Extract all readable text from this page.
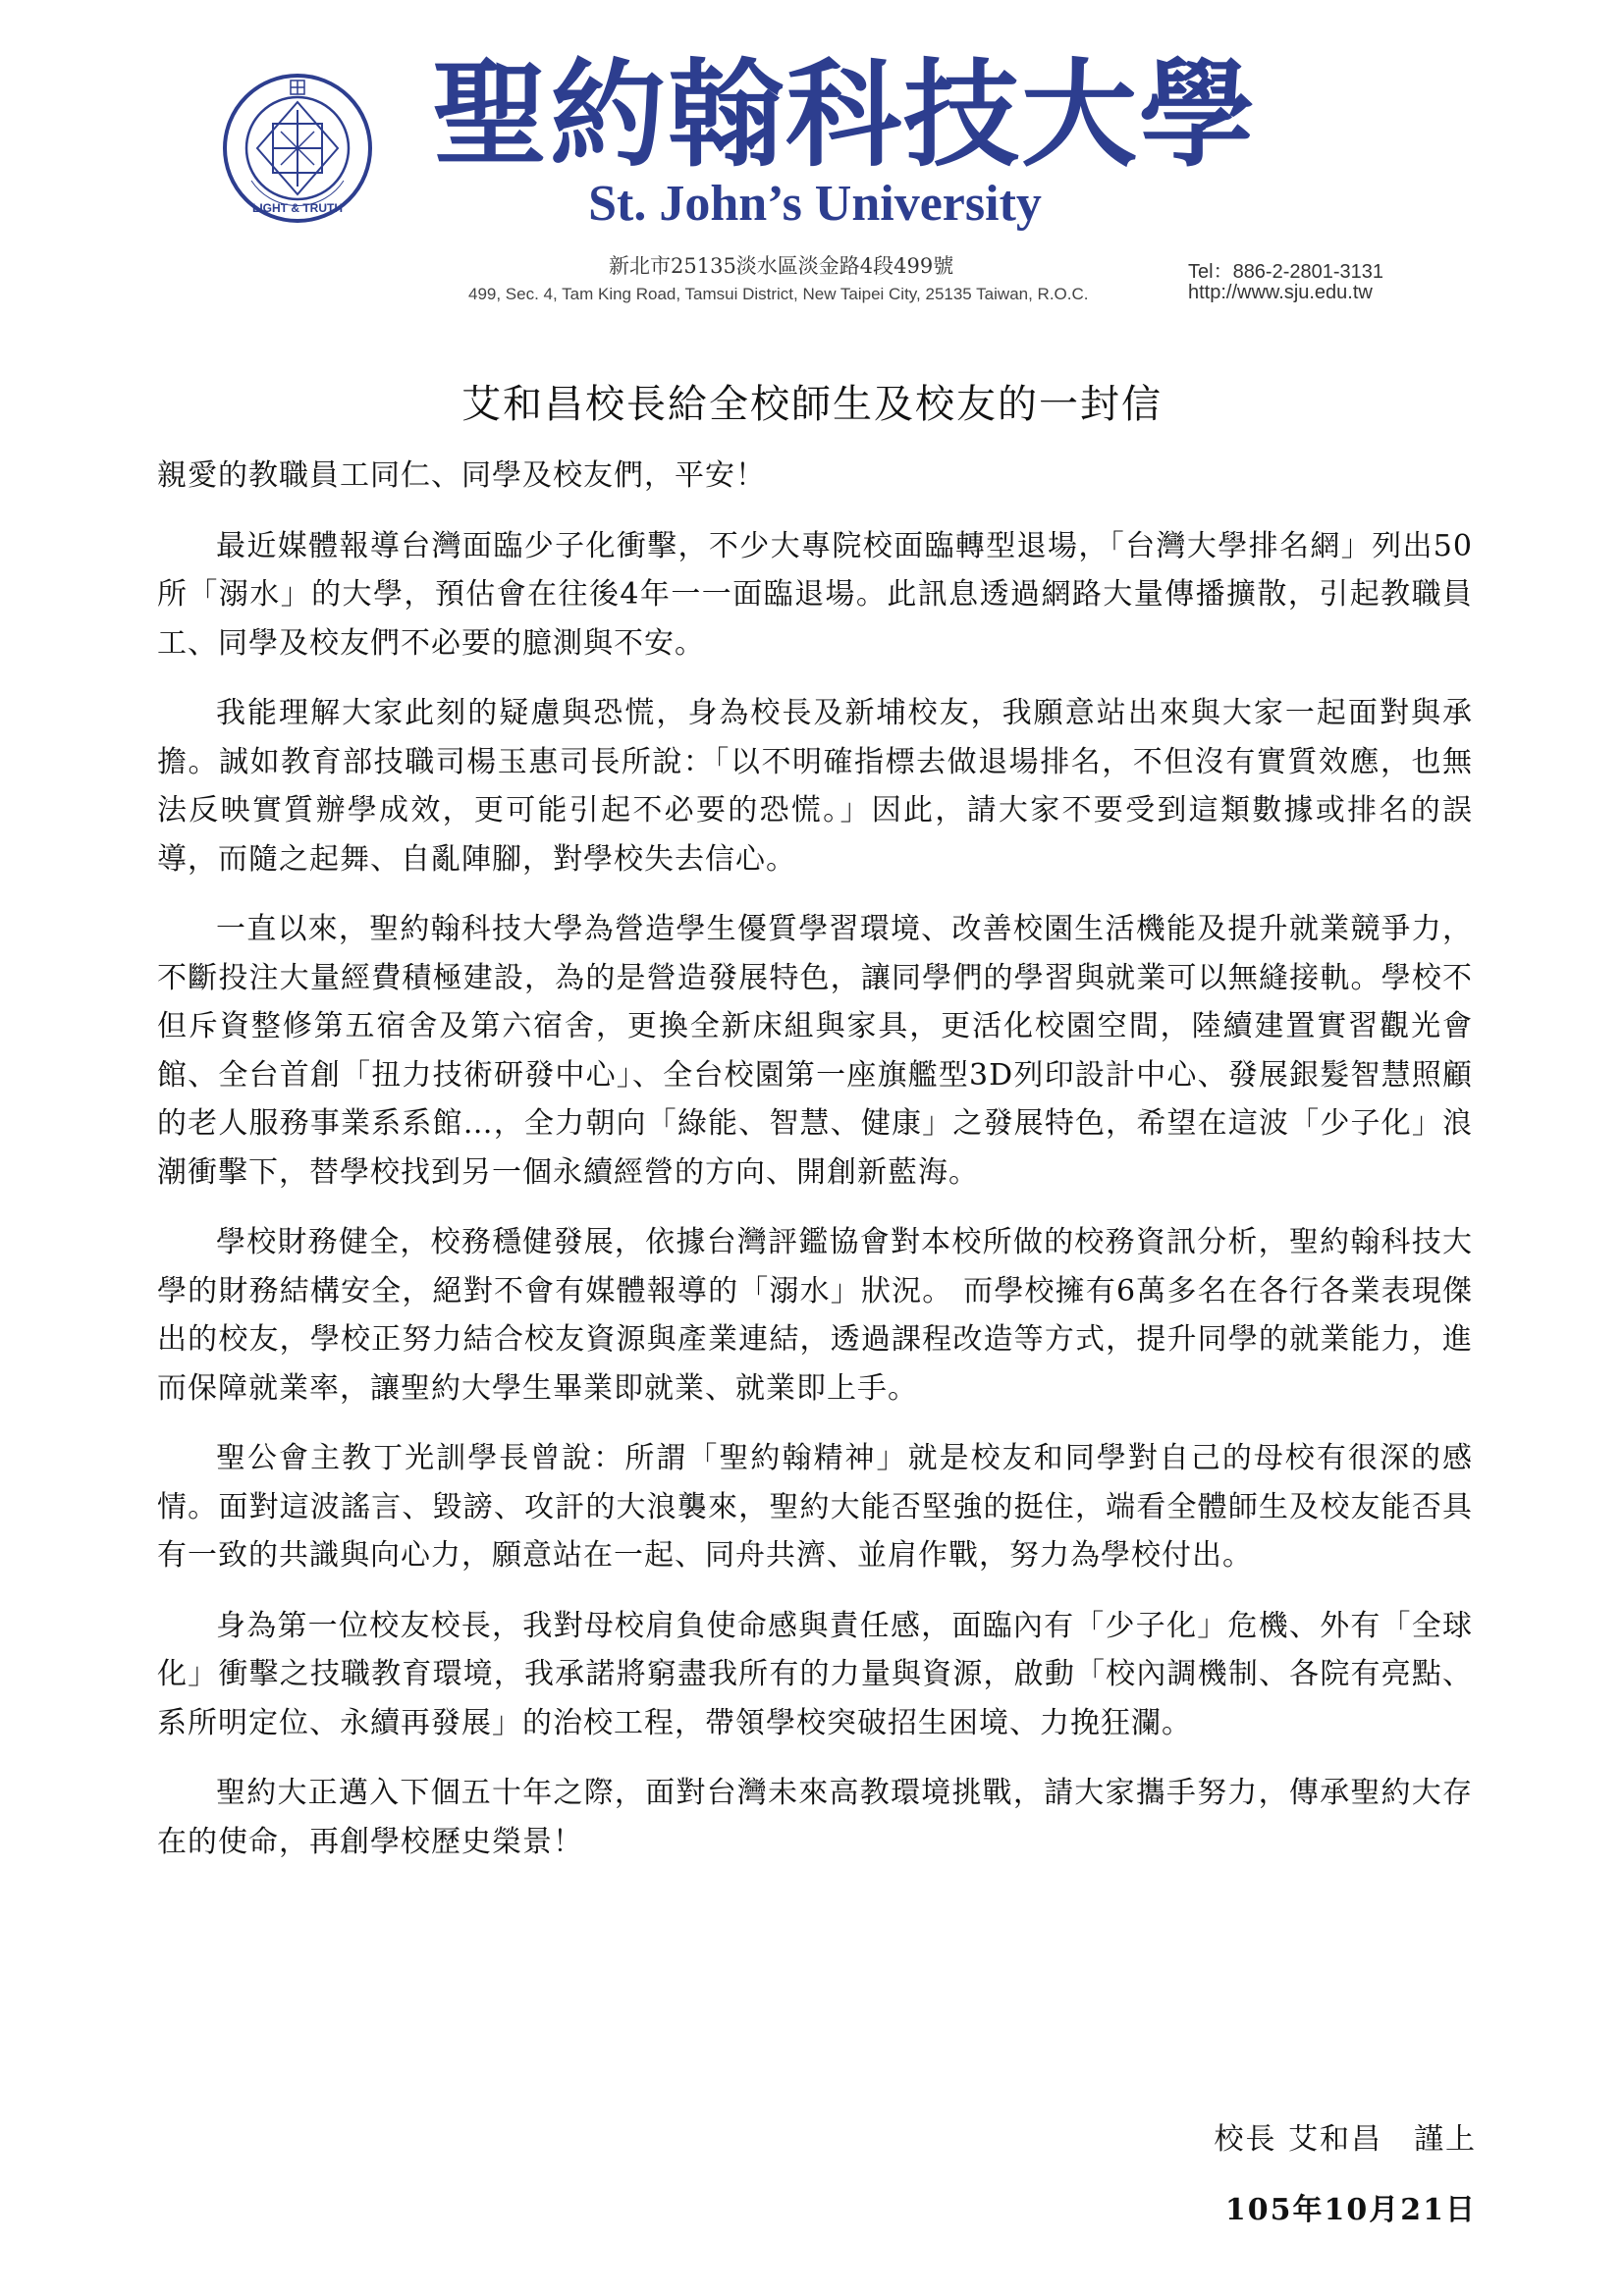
LIGHT & TRUTH
聖約翰科技大學
St. John’s University
新北市25135淡水區淡金路4段499號
499, Sec. 4, Tam King Road, Tamsui District, New Taipei City, 25135 Taiwan, R.O.C.
Tel：886-2-2801-3131
http://www.sju.edu.tw
艾和昌校長給全校師生及校友的一封信

親愛的教職員工同仁、同學及校友們，平安！

最近媒體報導台灣面臨少子化衝擊，不少大專院校面臨轉型退場，「台灣大學排名網」列出50所「溺水」的大學，預估會在往後4年一一面臨退場。此訊息透過網路大量傳播擴散，引起教職員工、同學及校友們不必要的臆測與不安。

我能理解大家此刻的疑慮與恐慌，身為校長及新埔校友，我願意站出來與大家一起面對與承擔。誠如教育部技職司楊玉惠司長所說：「以不明確指標去做退場排名，不但沒有實質效應，也無法反映實質辦學成效，更可能引起不必要的恐慌。」因此，請大家不要受到這類數據或排名的誤導，而隨之起舞、自亂陣腳，對學校失去信心。

一直以來，聖約翰科技大學為營造學生優質學習環境、改善校園生活機能及提升就業競爭力，不斷投注大量經費積極建設，為的是營造發展特色，讓同學們的學習與就業可以無縫接軌。學校不但斥資整修第五宿舍及第六宿舍，更換全新床組與家具，更活化校園空間，陸續建置實習觀光會館、全台首創「扭力技術研發中心」、全台校園第一座旗艦型3D列印設計中心、發展銀髮智慧照顧的老人服務事業系系館…，全力朝向「綠能、智慧、健康」之發展特色，希望在這波「少子化」浪潮衝擊下，替學校找到另一個永續經營的方向、開創新藍海。

學校財務健全，校務穩健發展，依據台灣評鑑協會對本校所做的校務資訊分析，聖約翰科技大學的財務結構安全，絕對不會有媒體報導的「溺水」狀況。 而學校擁有6萬多名在各行各業表現傑出的校友，學校正努力結合校友資源與產業連結，透過課程改造等方式，提升同學的就業能力，進而保障就業率，讓聖約大學生畢業即就業、就業即上手。

聖公會主教丁光訓學長曾說：所謂「聖約翰精神」就是校友和同學對自己的母校有很深的感情。面對這波謠言、毀謗、攻訐的大浪襲來，聖約大能否堅強的挺住，端看全體師生及校友能否具有一致的共識與向心力，願意站在一起、同舟共濟、並肩作戰，努力為學校付出。

身為第一位校友校長，我對母校肩負使命感與責任感，面臨內有「少子化」危機、外有「全球化」衝擊之技職教育環境，我承諾將窮盡我所有的力量與資源，啟動「校內調機制、各院有亮點、系所明定位、永續再發展」的治校工程，帶領學校突破招生困境、力挽狂瀾。

聖約大正邁入下個五十年之際，面對台灣未來高教環境挑戰，請大家攜手努力，傳承聖約大存在的使命，再創學校歷史榮景！

校長 艾和昌　謹上
105年10月21日
